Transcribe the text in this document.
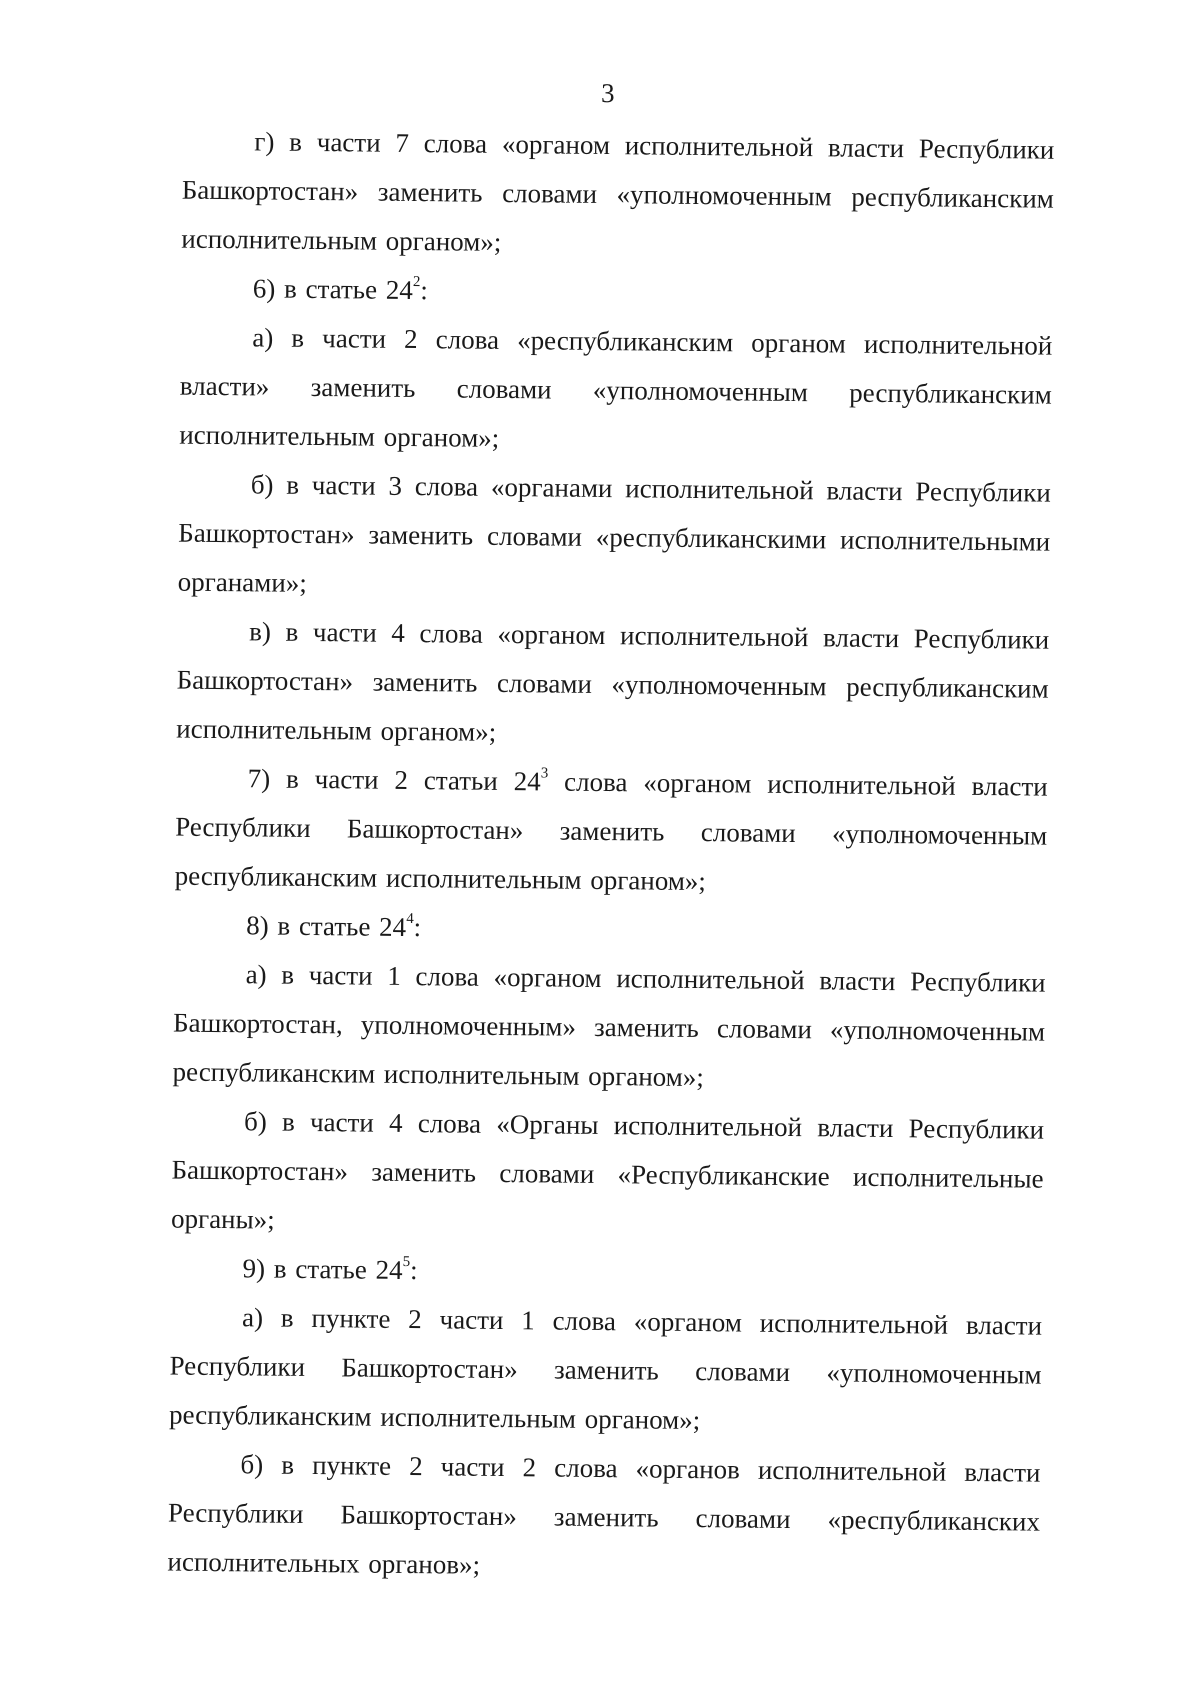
3

г) в части 7 слова «органом исполнительной власти Республики Башкортостан» заменить словами «уполномоченным республиканским исполнительным органом»;

6) в статье $24^2$:

а) в части 2 слова «республиканским органом исполнительной власти» заменить словами «уполномоченным республиканским исполнительным органом»;

б) в части 3 слова «органами исполнительной власти Республики Башкортостан» заменить словами «республиканскими исполнительными органами»;

в) в части 4 слова «органом исполнительной власти Республики Башкортостан» заменить словами «уполномоченным республиканским исполнительным органом»;

7) в части 2 статьи $24^3$ слова «органом исполнительной власти Республики Башкортостан» заменить словами «уполномоченным республиканским исполнительным органом»;

8) в статье $24^4$:

а) в части 1 слова «органом исполнительной власти Республики Башкортостан, уполномоченным» заменить словами «уполномоченным республиканским исполнительным органом»;

б) в части 4 слова «Органы исполнительной власти Республики Башкортостан» заменить словами «Республиканские исполнительные органы»;

9) в статье $24^5$:

а) в пункте 2 части 1 слова «органом исполнительной власти Республики Башкортостан» заменить словами «уполномоченным республиканским исполнительным органом»;

б) в пункте 2 части 2 слова «органов исполнительной власти Республики Башкортостан» заменить словами «республиканских исполнительных органов»;
